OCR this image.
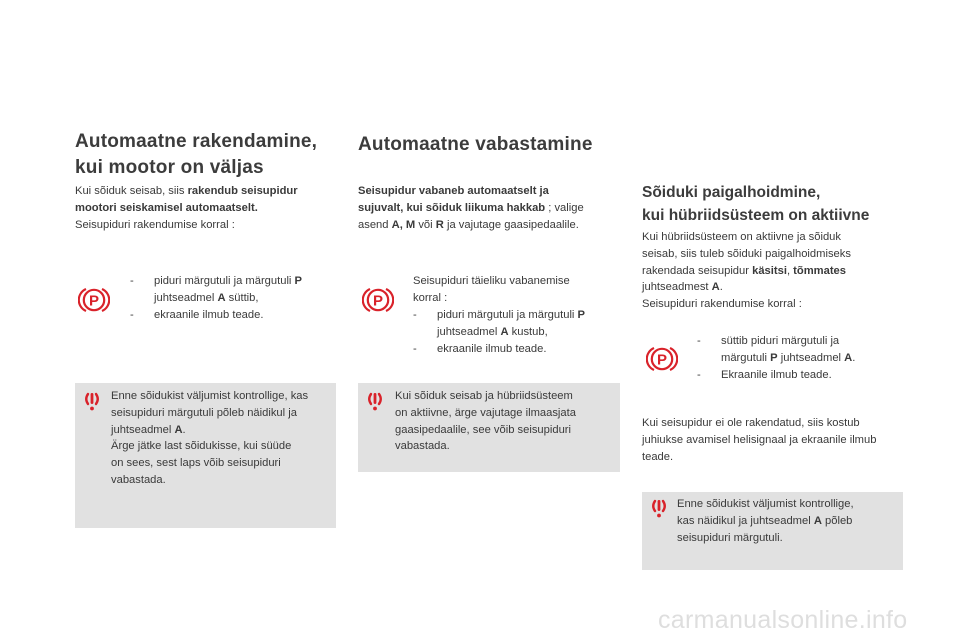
Automaatne rakendamine,
kui mootor on väljas
Kui sõiduk seisab, siis rakendub seisupidur
mootori seiskamisel automaatselt.
Seisupiduri rakendumise korral :
- piduri märgutuli ja märgutuli P
juhtseadmel A süttib,
- ekraanile ilmub teade.
Enne sõidukist väljumist kontrollige, kas
seisupiduri märgutuli põleb näidikul ja
juhtseadmel A.
Ärge jätke last sõidukisse, kui süüde
on sees, sest laps võib seisupiduri
vabastada.
Automaatne vabastamine
Seisupidur vabaneb automaatselt ja
sujuvalt, kui sõiduk liikuma hakkab ; valige
asend A, M või R ja vajutage gaasipedaalile.
Seisupiduri täieliku vabanemise
korral :
- piduri märgutuli ja märgutuli P
juhtseadmel A kustub,
- ekraanile ilmub teade.
Kui sõiduk seisab ja hübriidsüsteem
on aktiivne, ärge vajutage ilmaasjata
gaasipedaalile, see võib seisupiduri
vabastada.
Sõiduki paigalhoidmine,
kui hübriidsüsteem on aktiivne
Kui hübriidsüsteem on aktiivne ja sõiduk
seisab, siis tuleb sõiduki paigalhoidmiseks
rakendada seisupidur käsitsi, tõmmates
juhtseadmest A.
Seisupiduri rakendumise korral :
- süttib piduri märgutuli ja
märgutuli P juhtseadmel A.
- Ekraanile ilmub teade.
Kui seisupidur ei ole rakendatud, siis kostub
juhiukse avamisel helisignaal ja ekraanile ilmub
teade.
Enne sõidukist väljumist kontrollige,
kas näidikul ja juhtseadmel A põleb
seisupiduri märgutuli.
carmanualsonline.info
